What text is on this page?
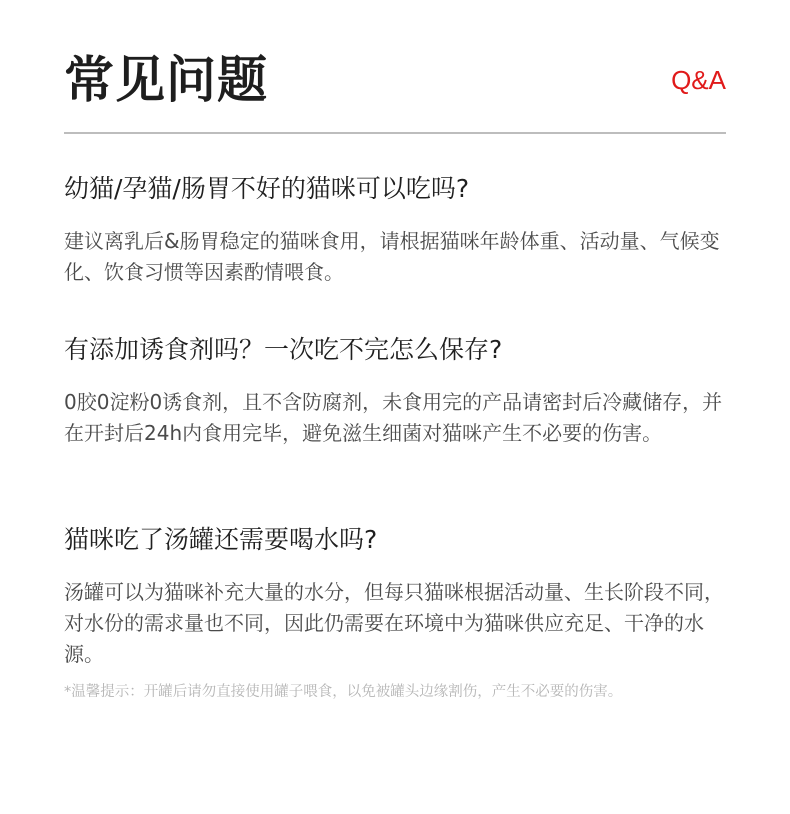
常见问题	Q&A
幼猫/孕猫/肠胃不好的猫咪可以吃吗?
建议离乳后&肠胃稳定的猫咪食用，请根据猫咪年龄体重、活动量、气候变化、饮食习惯等因素酌情喂食。
有添加诱食剂吗？一次吃不完怎么保存?
0胶0淀粉0诱食剂，且不含防腐剂，未食用完的产品请密封后冷藏储存，并在开封后24h内食用完毕，避免滋生细菌对猫咪产生不必要的伤害。
猫咪吃了汤罐还需要喝水吗?
汤罐可以为猫咪补充大量的水分，但每只猫咪根据活动量、生长阶段不同，对水份的需求量也不同，因此仍需要在环境中为猫咪供应充足、干净的水源。
*温馨提示：开罐后请勿直接使用罐子喂食，以免被罐头边缘割伤，产生不必要的伤害。
